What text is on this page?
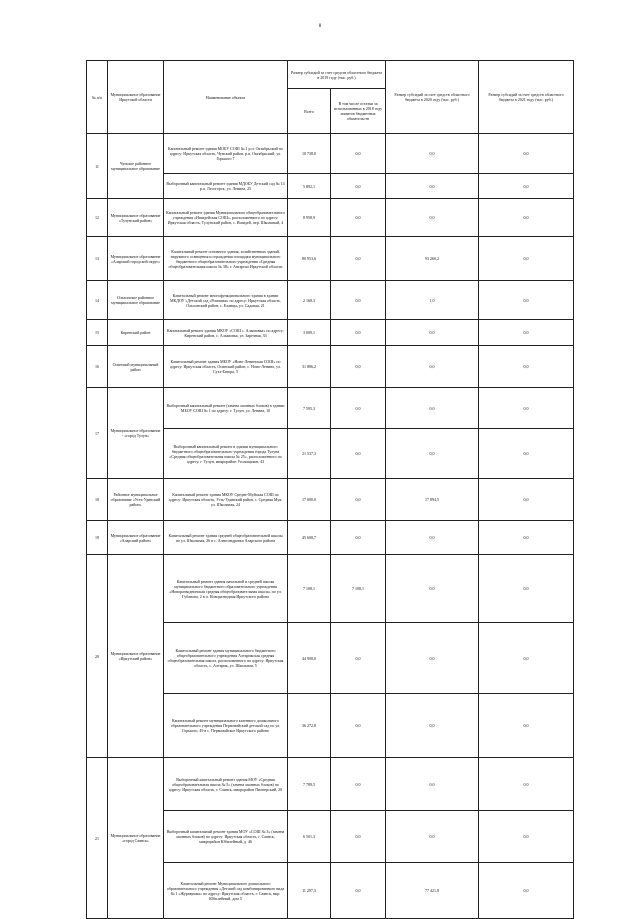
8
№ п/п	Муниципальное образование Иркутской области	Наименование объекта	Размер субсидий за счет средств областного бюджета в 2019 году (тыс. руб.)		Размер субсидий за счет средств областного бюджета в 2020 году (тыс. руб.)	Размер субсидий за счет средств областного бюджета в 2021 году (тыс. руб.)
			Всего	В том числе остатки за использованных в 2018 году лимитов бюджетных обязательств		
11	Чунское районное муниципальное образование	Капитальный ремонт здания МОБУ СОШ № 1 р.п. Октябрьский по адресу: Иркутская область, Чунский район, р.п. Октябрьский, ул. Горького 7	10 738,0	0,0	0,0	0,0
		Выборочный капитальный ремонт здания МДОБУ Детский сад № 14 р.п. Лесогорск, ул. Ленина, 25	5 892,1	0,0	0,0	0,0
12	Муниципальное образование «Тулунский район»	Капитальный ремонт здания Муниципального общеобразовательного учреждения «Ишидейская СОШ», расположенного по адресу: Иркутская область, Тулунский район, с. Ишидей, пер. Школьный, 4	8 958,9	0,0	0,0	0,0
13	Муниципальное образование «Аларский городской округ»	Капитальный ремонт основного здания, хозяйственных зданий, наружного освещения и ограждения площадки муниципального бюджетного общеобразовательного учреждения «Средняя общеобразовательная школа № 38» г. Ангарска Иркутской области	80 953,6	0,0	93 260,2	0,0
14	Ольхонское районное муниципальное образование	Капитальный ремонт многофункционального здания в здании МКДОУ «Детский сад «Ромашка» по адресу: Иркутская область, Ольхонский район, с. Еланцы, ул. Садовая, 21	2 168,3	0,0	1,0	0,0
15	Киренский район	Капитальный ремонт здания МКОУ «СОШ с. Алымовка» по адресу: Киренский район, с. Алымовка, ул. Заречная, 33	3 009,1	0,0	0,0	0,0
16	Осинский муниципальный район	Капитальный ремонт здания МБОУ «Ново-Ленинская СОШ» по адресу: Иркутская область, Осинский район, с. Ново-Ленино, ул. Сухэ-Батора, 5	31 886,2	0,0	0,0	0,0
17	Муниципальное образование - «город Тулун»	Выборочный капитальный ремонт (замена оконных блоков) в здании МБОУ СОШ № 1 по адресу: г. Тулун, ул. Ленина, 10	7 595,3	0,0	0,0	0,0
		Выборочный капитальный ремонт в здании муниципального бюджетного общеобразовательного учреждения города Тулуна «Средняя общеобразовательная школа № 25», расположенного по адресу: г. Тулун, микрорайон Угольщиков, 43	21 537,3	0,0	0,0	0,0
18	Районное муниципальное образование «Усть-Удинский район»	Капитальный ремонт здания МКОУ Средне-Муйская СОШ по адресу: Иркутская область, Усть-Удинский район, с. Средняя Муя, ул. Школьная, 24	17 000,0	0,0	17 894,5	0,0
19	Муниципальное образование «Аларский район»	Капитальный ремонт здания средней общеобразовательной школы по ул. Школьная, 26 в с. Александровка Аларского района	45 600,7	0,0	0,0	0,0
20	Муниципальное образование «Иркутский район»	Капитальный ремонт здания начальной и средней школы муниципального бюджетного образовательного учреждения «Новоразводнинская средняя общеобразовательная школа» по ул. Губанова, 2 в п. Новоразводная Иркутского района	7 108,1	7 108,1	0,0	0,0
		Капитальный ремонт здания муниципального бюджетного общеобразовательного учреждения Алтарикская средняя общеобразовательная школа, расположенного по адресу: Иркутская область, с. Алтарик, ул. Школьная, 5	44 900,0	0,0	0,0	0,0
		Капитальный ремонт муниципального казенного дошкольного образовательного учреждения Первомайский детский сад по ул. Горького, 49 в с. Первомайское Иркутского района	36 272,8	0,0	0,0	0,0
21	Муниципальное образование «город Саянск»	Выборочный капитальный ремонт здания МОУ «Средняя общеобразовательная школа № 5» (замена оконных блоков) по адресу: Иркутская область, г. Саянск, микрорайон Пионерский, 20	7 789,5	0,0	0,0	0,0
		Выборочный капитальный ремонт здания МОУ «СОШ № 3» (замена оконных блоков) по адресу: Иркутская область, г. Саянск, микрорайон Юбилейный, д. 46	6 501,3	0,0	0,0	0,0
		Капитальный ремонт Муниципального дошкольного образовательного учреждения «Детский сад комбинированного вида № 1 «Журавушка» по адресу: Иркутская область, г. Саянск, мкр. Юбилейный, дом 5	11 297,3	0,0	77 421,8	0,0
